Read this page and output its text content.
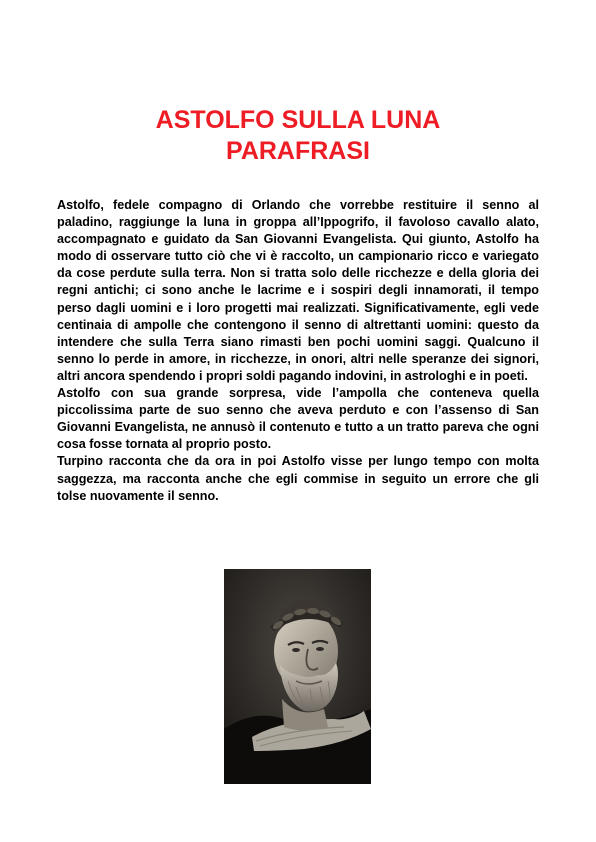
ASTOLFO SULLA LUNA
PARAFRASI

Astolfo, fedele compagno di Orlando che vorrebbe restituire il senno al paladino, raggiunge la luna in groppa all’Ippogrifo, il favoloso cavallo alato, accompagnato e guidato da San Giovanni Evangelista. Qui giunto, Astolfo ha modo di osservare tutto ciò che vi è raccolto, un campionario ricco e variegato da cose perdute sulla terra. Non si tratta solo delle ricchezze e della gloria dei regni antichi; ci sono anche le lacrime e i sospiri degli innamorati, il tempo perso dagli uomini e i loro progetti mai realizzati. Significativamente, egli vede centinaia di ampolle che contengono il senno di altrettanti uomini: questo da intendere che sulla Terra siano rimasti ben pochi uomini saggi. Qualcuno il senno lo perde in amore, in ricchezze, in onori, altri nelle speranze dei signori, altri ancora spendendo i propri soldi pagando indovini, in astrologhi e in poeti.

Astolfo con sua grande sorpresa, vide l’ampolla che conteneva quella piccolissima parte de suo senno che aveva perduto e con l’assenso di San Giovanni Evangelista, ne annusò il contenuto e tutto a un tratto pareva che ogni cosa fosse tornata al proprio posto.

Turpino racconta che da ora in poi Astolfo visse per lungo tempo con molta saggezza, ma racconta anche che egli commise in seguito un errore che gli tolse nuovamente il senno.
